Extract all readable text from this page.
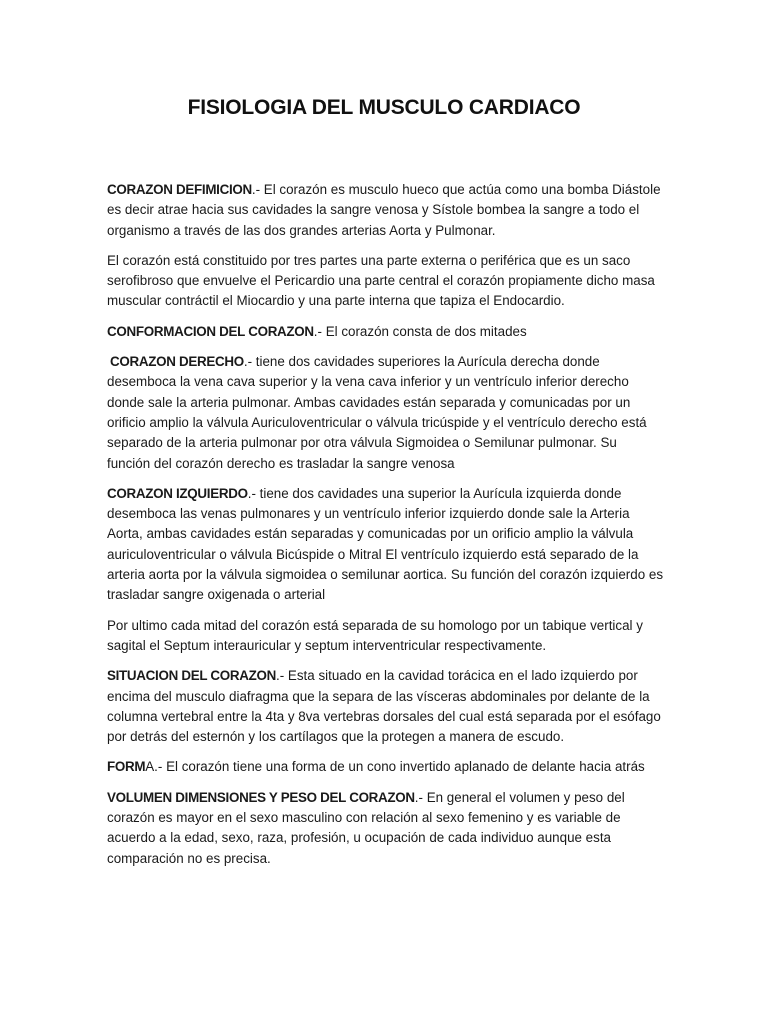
FISIOLOGIA DEL MUSCULO CARDIACO

CORAZON DEFIMICION.- El corazón es musculo hueco que actúa como una bomba Diástole es decir atrae hacia sus cavidades la sangre venosa y Sístole bombea la sangre a todo el organismo a través de las dos grandes arterias Aorta y Pulmonar.

El corazón está constituido por tres partes una parte externa o periférica que es un saco serofibroso que envuelve el Pericardio una parte central el corazón propiamente dicho masa muscular contráctil el Miocardio y una parte interna que tapiza el Endocardio.

CONFORMACION DEL CORAZON.- El corazón consta de dos mitades

CORAZON DERECHO.- tiene dos cavidades superiores la Aurícula derecha donde desemboca la vena cava superior y la vena cava inferior y un ventrículo inferior derecho donde sale la arteria pulmonar. Ambas cavidades están separada y comunicadas por un orificio amplio la válvula Auriculoventricular o válvula tricúspide y el ventrículo derecho está separado de la arteria pulmonar por otra válvula Sigmoidea o Semilunar pulmonar. Su función del corazón derecho es trasladar la sangre venosa

CORAZON IZQUIERDO.- tiene dos cavidades una superior la Aurícula izquierda donde desemboca las venas pulmonares y un ventrículo inferior izquierdo donde sale la Arteria Aorta, ambas cavidades están separadas y comunicadas por un orificio amplio la válvula auriculoventricular o válvula Bicúspide o Mitral El ventrículo izquierdo está separado de la arteria aorta por la válvula sigmoidea o semilunar aortica. Su función del corazón izquierdo es trasladar sangre oxigenada o arterial

Por ultimo cada mitad del corazón está separada de su homologo por un tabique vertical y sagital el Septum interauricular y septum interventricular respectivamente.

SITUACION DEL CORAZON.- Esta situado en la cavidad torácica en el lado izquierdo por encima del musculo diafragma que la separa de las vísceras abdominales por delante de la columna vertebral entre la 4ta y 8va vertebras dorsales del cual está separada por el esófago por detrás del esternón y los cartílagos que la protegen a manera de escudo.

FORMA.- El corazón tiene una forma de un cono invertido aplanado de delante hacia atrás

VOLUMEN DIMENSIONES Y PESO DEL CORAZON.- En general el volumen y peso del corazón es mayor en el sexo masculino con relación al sexo femenino y es variable de acuerdo a la edad, sexo, raza, profesión, u ocupación de cada individuo aunque esta comparación no es precisa.
